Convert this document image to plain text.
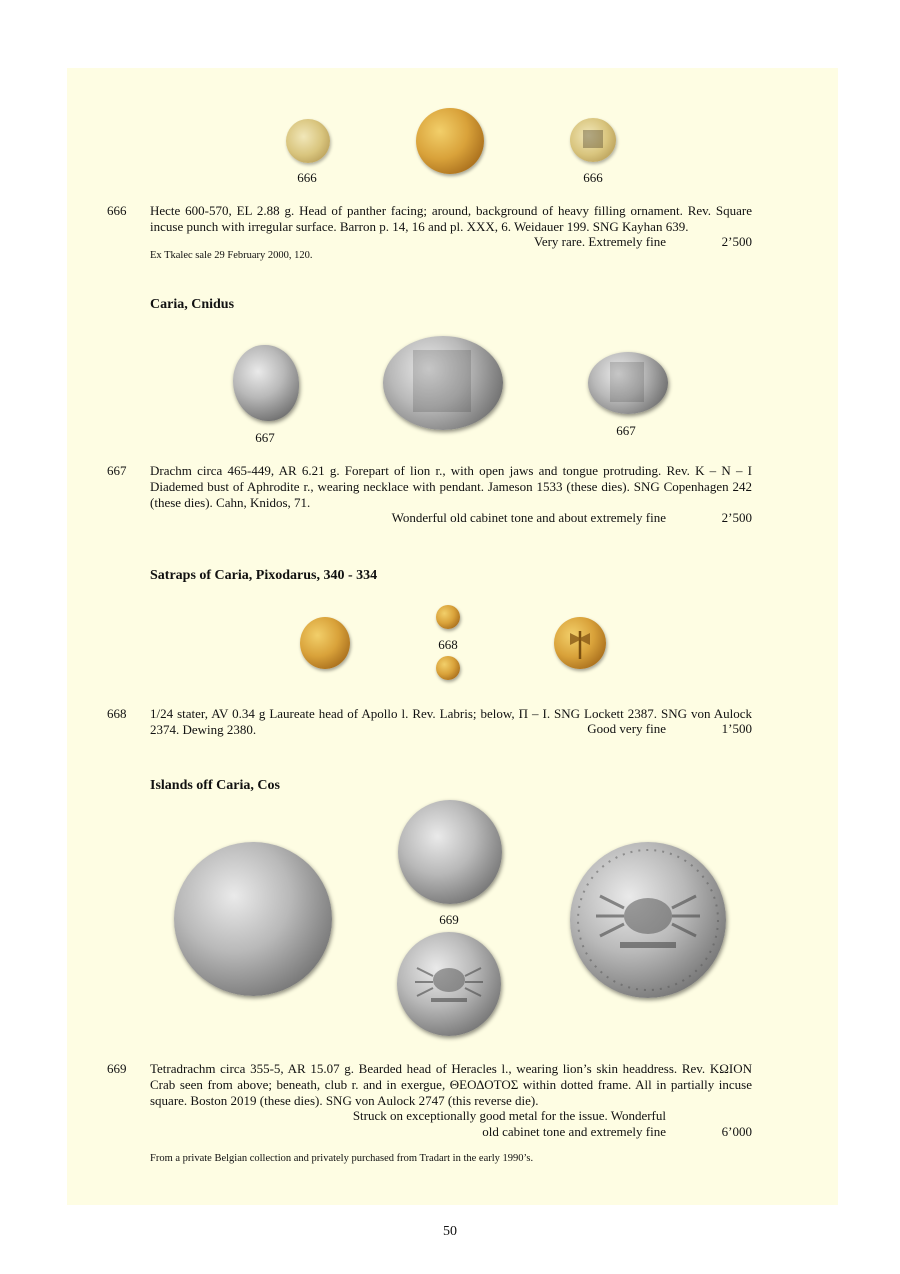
666	666
666 Hecte 600-570, EL 2.88 g. Head of panther facing; around, background of heavy filling ornament. Rev. Square incuse punch with irregular surface. Barron p. 14, 16 and pl. XXX, 6. Weidauer 199. SNG Kayhan 639.
Very rare. Extremely fine	2’500
Ex Tkalec sale 29 February 2000, 120.
Caria, Cnidus
667	667
667 Drachm circa 465-449, AR 6.21 g. Forepart of lion r., with open jaws and tongue protruding. Rev. K – N – I Diademed bust of Aphrodite r., wearing necklace with pendant. Jameson 1533 (these dies). SNG Copenhagen 242 (these dies). Cahn, Knidos, 71.
Wonderful old cabinet tone and about extremely fine	2’500
Satraps of Caria, Pixodarus, 340 - 334
668
668 1/24 stater, AV 0.34 g Laureate head of Apollo l. Rev. Labris; below, Π – I. SNG Lockett 2387. SNG von Aulock 2374. Dewing 2380.	Good very fine	1’500
Islands off Caria, Cos
669
669 Tetradrachm circa 355-5, AR 15.07 g. Bearded head of Heracles l., wearing lion’s skin headdress. Rev. ΚΩΙΟΝ Crab seen from above; beneath, club r. and in exergue, ΘΕΟΔΟΤΟΣ within dotted frame. All in partially incuse square. Boston 2019 (these dies). SNG von Aulock 2747 (this reverse die).
Struck on exceptionally good metal for the issue. Wonderful
old cabinet tone and extremely fine	6’000
From a private Belgian collection and privately purchased from Tradart in the early 1990’s.
50
